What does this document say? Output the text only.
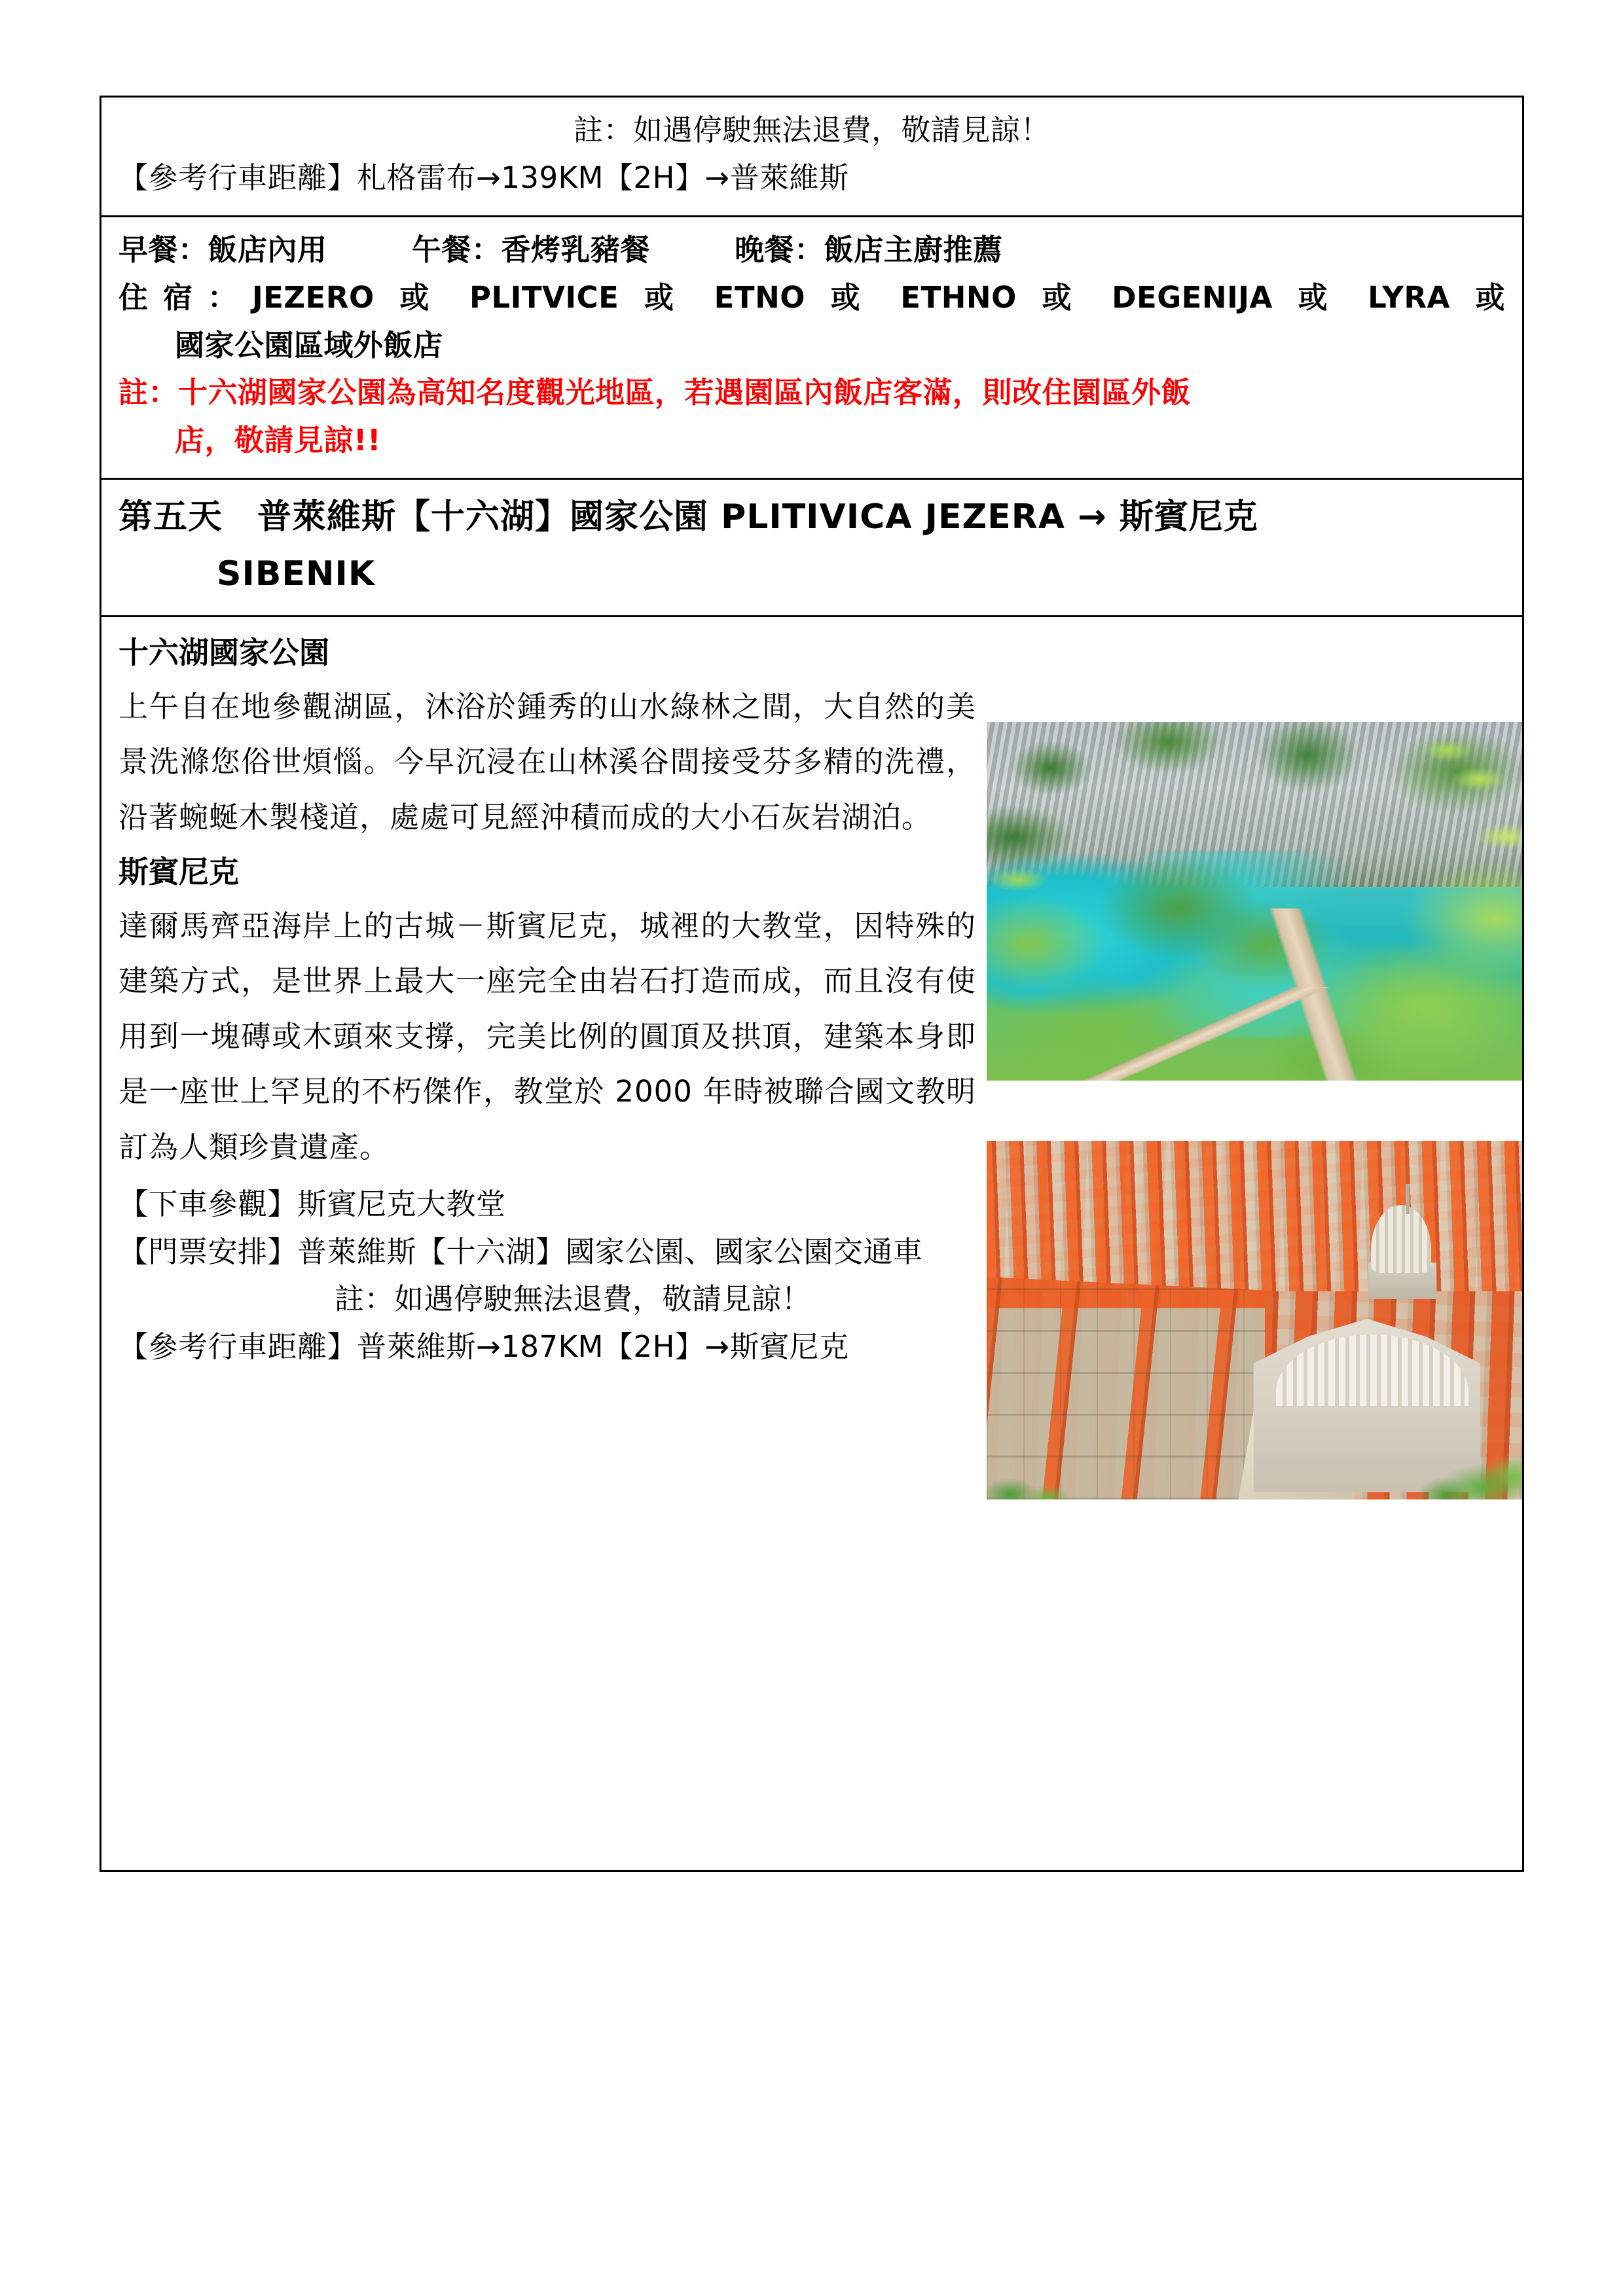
註：如遇停駛無法退費，敬請見諒！
【參考行車距離】札格雷布→139KM【2H】→普萊維斯

早餐：飯店內用        午餐：香烤乳豬餐        晚餐：飯店主廚推薦
住宿：JEZERO 或 PLITVICE 或 ETNO 或 ETHNO 或 DEGENIJA 或 LYRA 或
國家公園區域外飯店
註：十六湖國家公園為高知名度觀光地區，若遇園區內飯店客滿，則改住園區外飯
店，敬請見諒!!

第五天　普萊維斯【十六湖】國家公園 PLITIVICA JEZERA → 斯賓尼克
SIBENIK

十六湖國家公園
上午自在地參觀湖區，沐浴於鍾秀的山水綠林之間，大自然的美景洗滌您俗世煩惱。今早沉浸在山林溪谷間接受芬多精的洗禮，沿著蜿蜒木製棧道，處處可見經沖積而成的大小石灰岩湖泊。
斯賓尼克
達爾馬齊亞海岸上的古城－斯賓尼克，城裡的大教堂，因特殊的建築方式，是世界上最大一座完全由岩石打造而成，而且沒有使用到一塊磚或木頭來支撐，完美比例的圓頂及拱頂，建築本身即是一座世上罕見的不朽傑作，教堂於 2000 年時被聯合國文教明訂為人類珍貴遺產。
【下車參觀】斯賓尼克大教堂
【門票安排】普萊維斯【十六湖】國家公園、國家公園交通車
註：如遇停駛無法退費，敬請見諒！
【參考行車距離】普萊維斯→187KM【2H】→斯賓尼克
